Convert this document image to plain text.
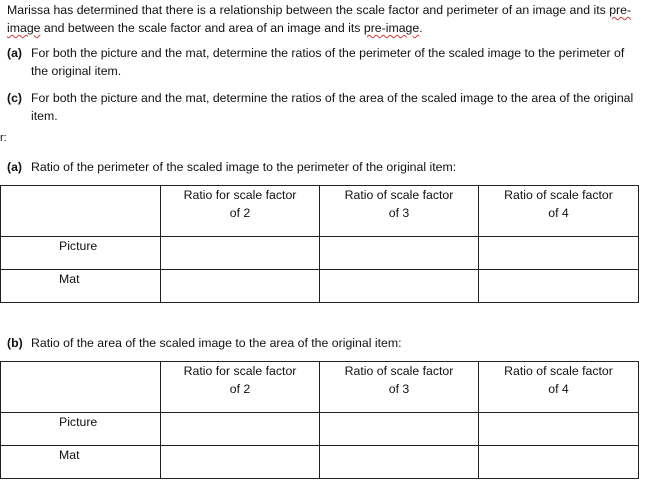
Marissa has determined that there is a relationship between the scale factor and perimeter of an image and its pre-image and between the scale factor and area of an image and its pre-image.
(a) For both the picture and the mat, determine the ratios of the perimeter of the scaled image to the perimeter of the original item.
(c) For both the picture and the mat, determine the ratios of the area of the scaled image to the area of the original item.
r:
(a) Ratio of the perimeter of the scaled image to the perimeter of the original item:

	Ratio for scale factor
of 2	Ratio of scale factor
of 3	Ratio of scale factor
of 4

Picture			
Mat			
(b) Ratio of the area of the scaled image to the area of the original item:

	Ratio for scale factor
of 2	Ratio of scale factor
of 3	Ratio of scale factor
of 4

Picture			
Mat			
